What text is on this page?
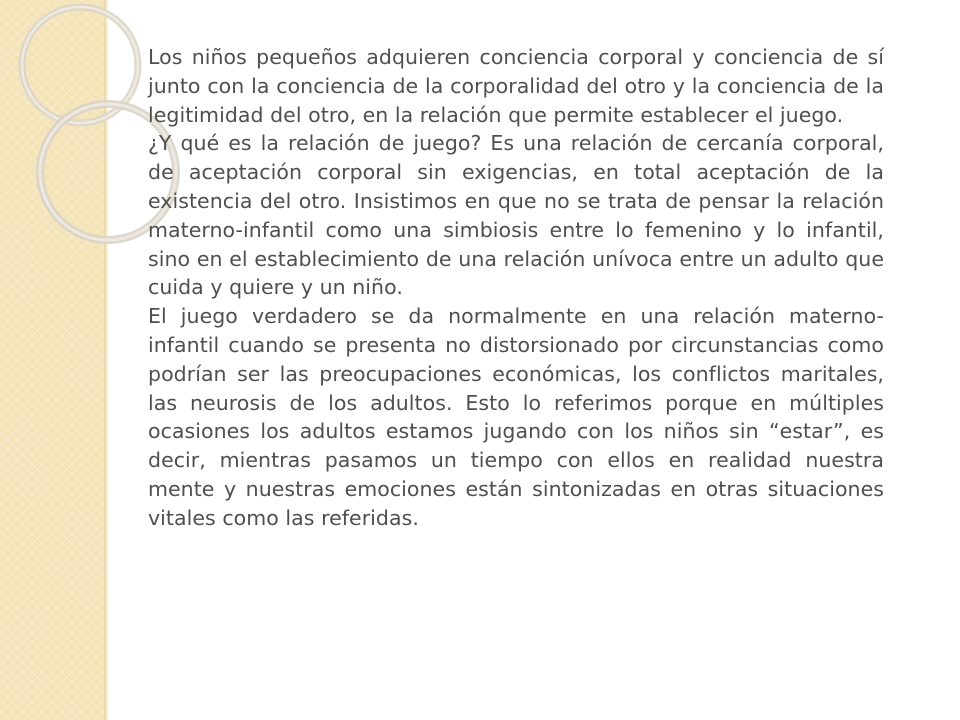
Los niños pequeños adquieren conciencia corporal y conciencia de sí junto con la conciencia de la corporalidad del otro y la conciencia de la legitimidad del otro, en la relación que permite establecer el juego.

¿Y qué es la relación de juego? Es una relación de cercanía corporal, de aceptación corporal sin exigencias, en total aceptación de la existencia del otro. Insistimos en que no se trata de pensar la relación materno-infantil como una simbiosis entre lo femenino y lo infantil, sino en el establecimiento de una relación unívoca entre un adulto que cuida y quiere y un niño.

El juego verdadero se da normalmente en una relación materno-infantil cuando se presenta no distorsionado por circunstancias como podrían ser las preocupaciones económicas, los conflictos maritales, las neurosis de los adultos. Esto lo referimos porque en múltiples ocasiones los adultos estamos jugando con los niños sin “estar”, es decir, mientras pasamos un tiempo con ellos en realidad nuestra mente y nuestras emociones están sintonizadas en otras situaciones vitales como las referidas.
